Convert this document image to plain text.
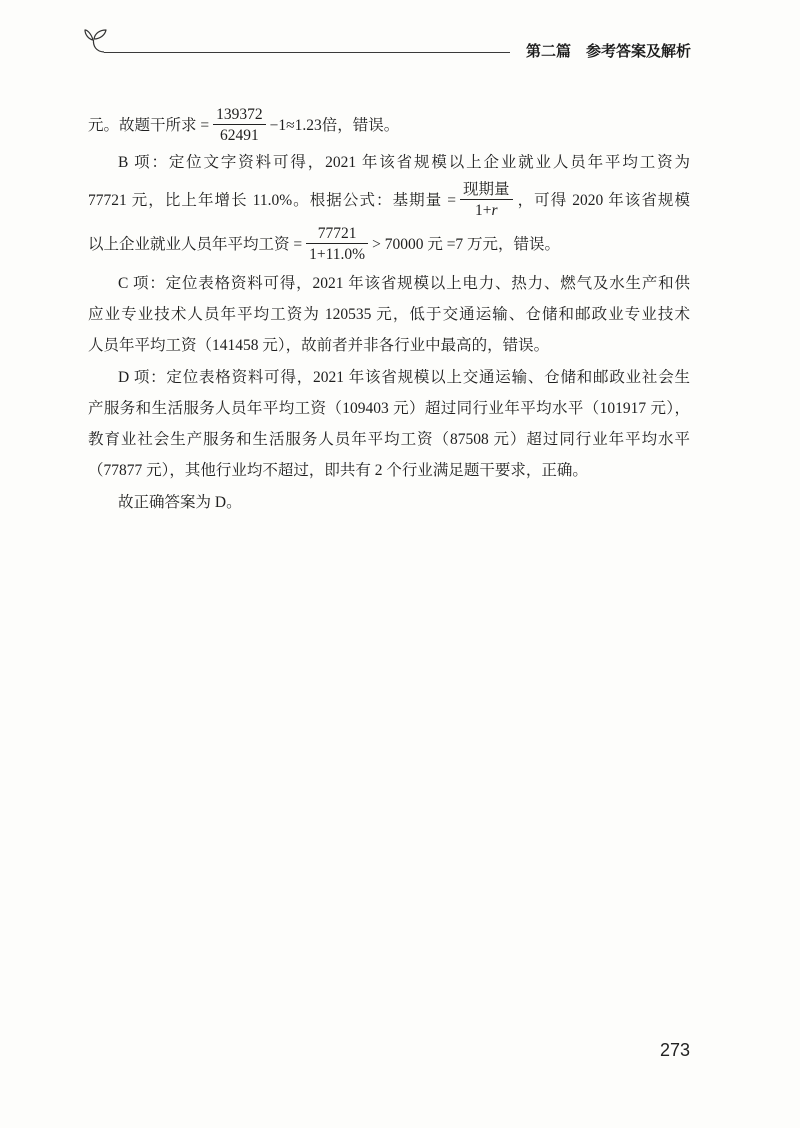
第二篇　参考答案及解析
元。故题干所求 = $\frac{139372}{62491} -1\approx 1.23$倍，错误。
B 项：定位文字资料可得，2021 年该省规模以上企业就业人员年平均工资为
77721 元，比上年增长 11.0%。根据公式：基期量 = $\frac{\text{现期量}}{1+r}$ ，可得 2020 年该省规模
以上企业就业人员年平均工资 = $\frac{77721}{1+11.0\%} > 70000$ 元 =7 万元，错误。
C 项：定位表格资料可得，2021 年该省规模以上电力、热力、燃气及水生产和供
应业专业技术人员年平均工资为 120535 元，低于交通运输、仓储和邮政业专业技术
人员年平均工资（141458 元），故前者并非各行业中最高的，错误。
D 项：定位表格资料可得，2021 年该省规模以上交通运输、仓储和邮政业社会生
产服务和生活服务人员年平均工资（109403 元）超过同行业年平均水平（101917 元），
教育业社会生产服务和生活服务人员年平均工资（87508 元）超过同行业年平均水平
（77877 元），其他行业均不超过，即共有 2 个行业满足题干要求，正确。
故正确答案为 D。
273
